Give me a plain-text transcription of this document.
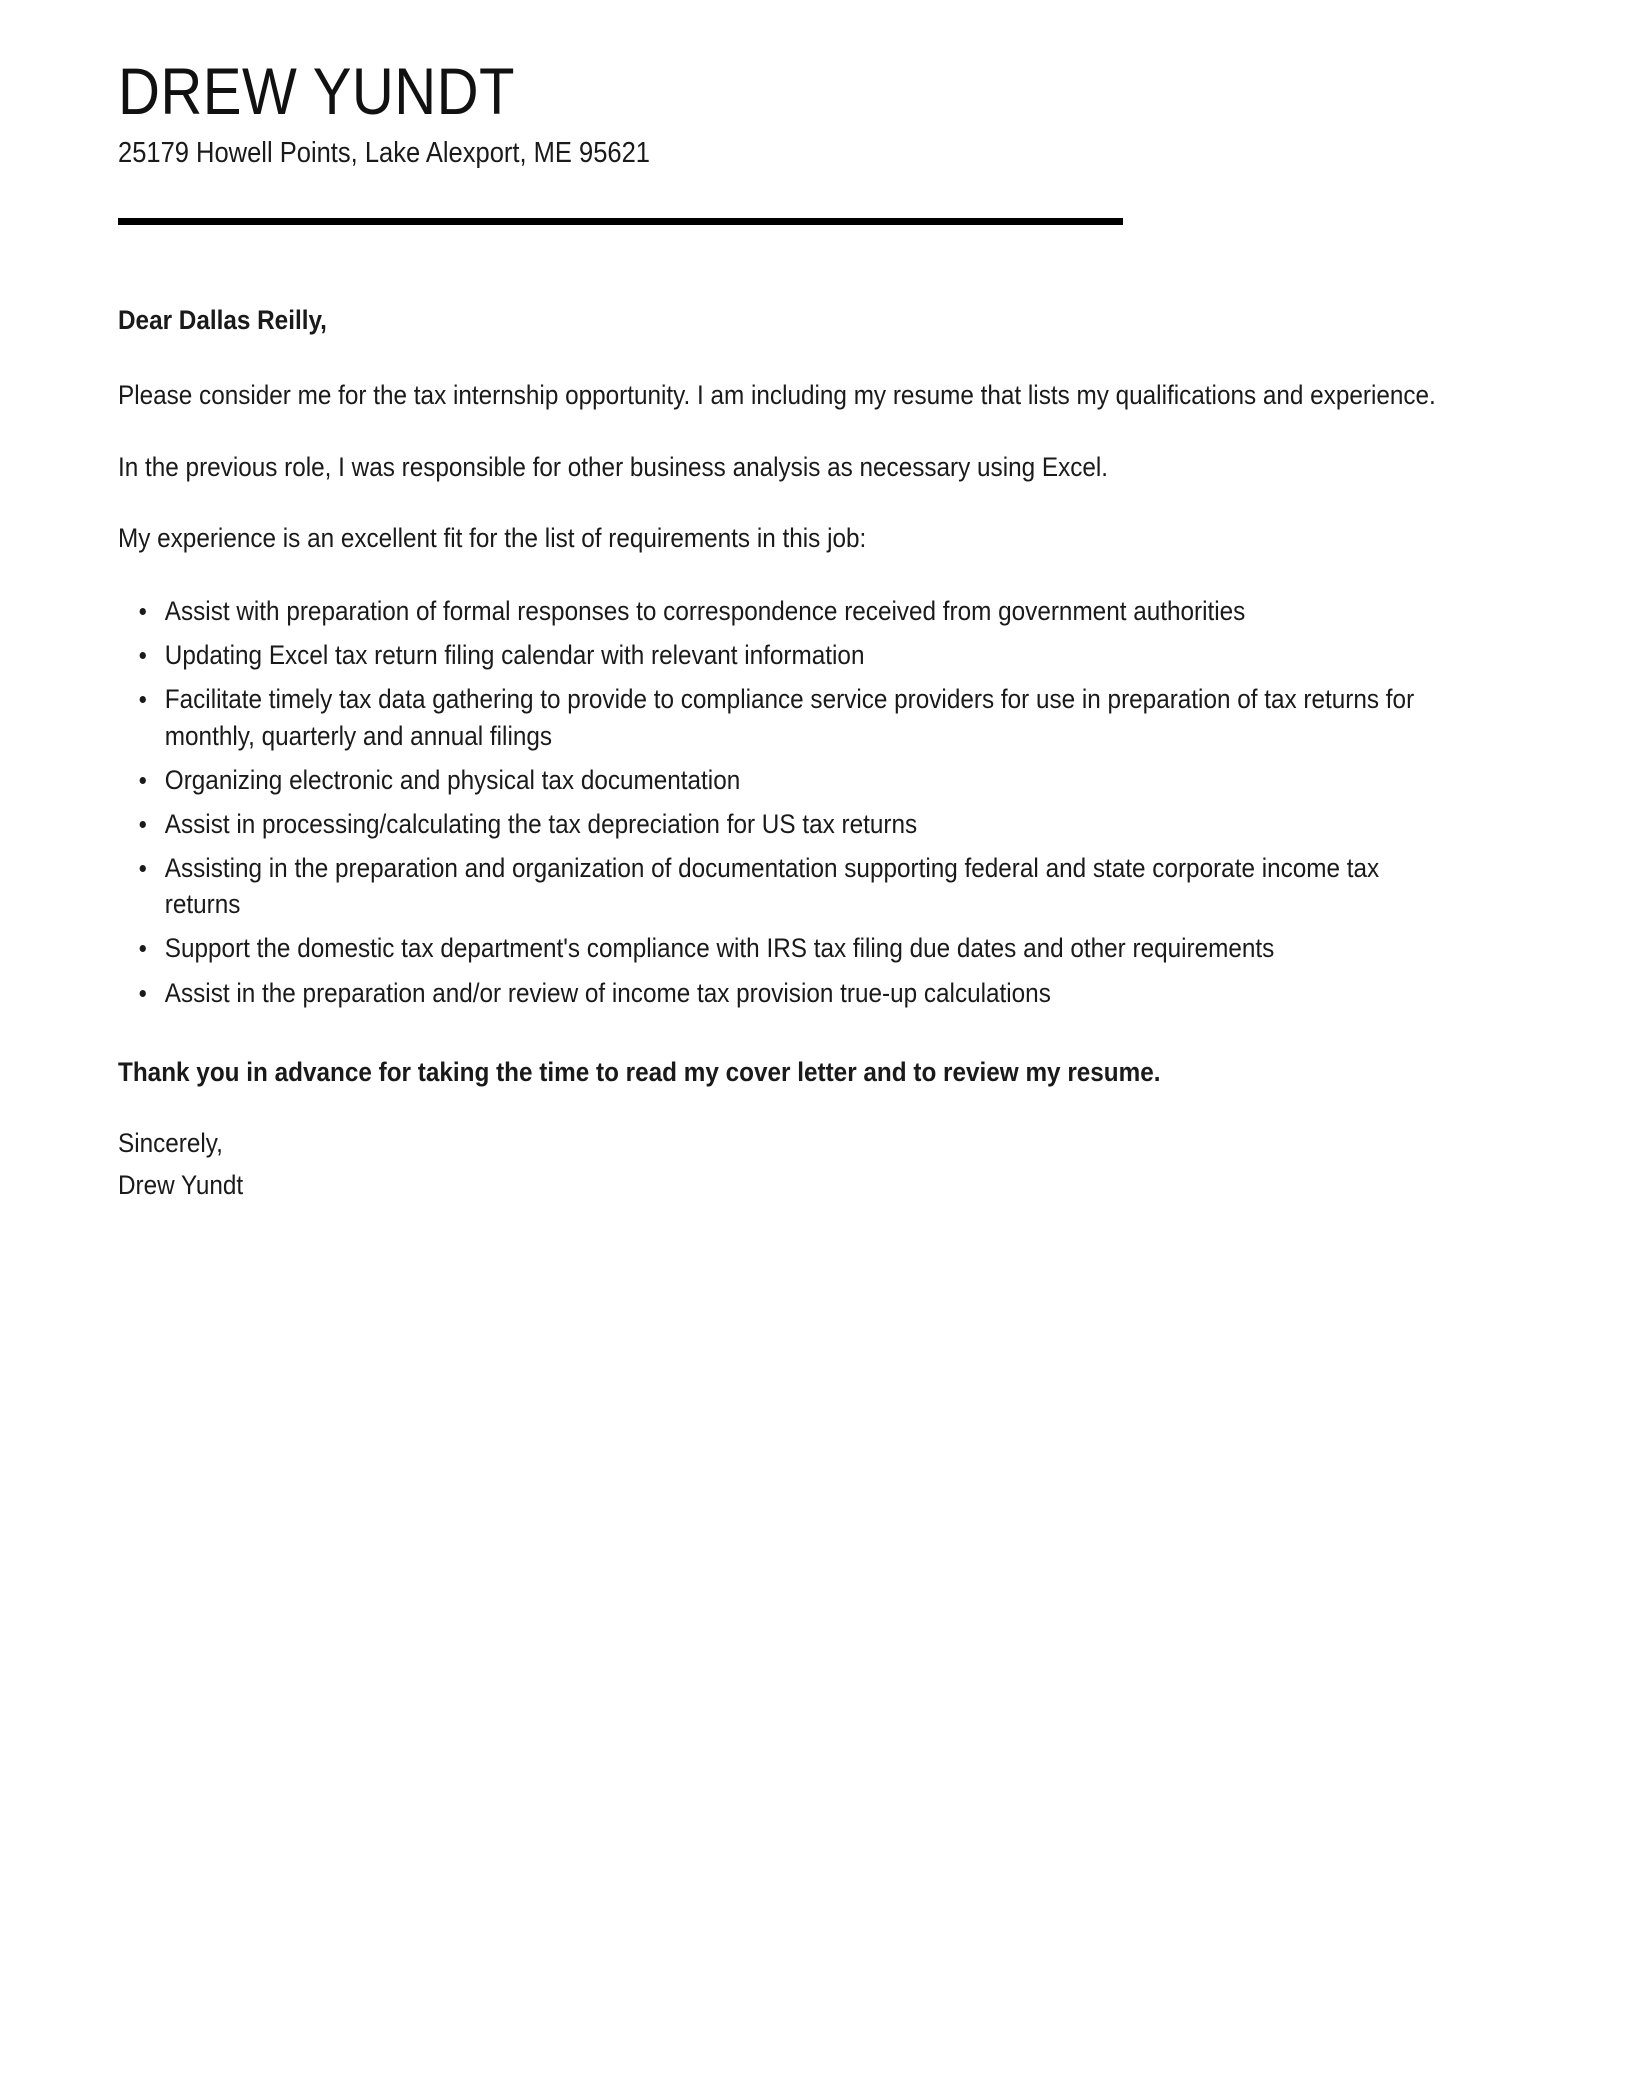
DREW YUNDT
25179 Howell Points, Lake Alexport, ME 95621

Dear Dallas Reilly,

Please consider me for the tax internship opportunity. I am including my resume that lists my qualifications and experience.

In the previous role, I was responsible for other business analysis as necessary using Excel.

My experience is an excellent fit for the list of requirements in this job:

Assist with preparation of formal responses to correspondence received from government authorities
Updating Excel tax return filing calendar with relevant information
Facilitate timely tax data gathering to provide to compliance service providers for use in preparation of tax returns for monthly, quarterly and annual filings
Organizing electronic and physical tax documentation
Assist in processing/calculating the tax depreciation for US tax returns
Assisting in the preparation and organization of documentation supporting federal and state corporate income tax returns
Support the domestic tax department's compliance with IRS tax filing due dates and other requirements
Assist in the preparation and/or review of income tax provision true-up calculations

Thank you in advance for taking the time to read my cover letter and to review my resume.

Sincerely,

Drew Yundt
